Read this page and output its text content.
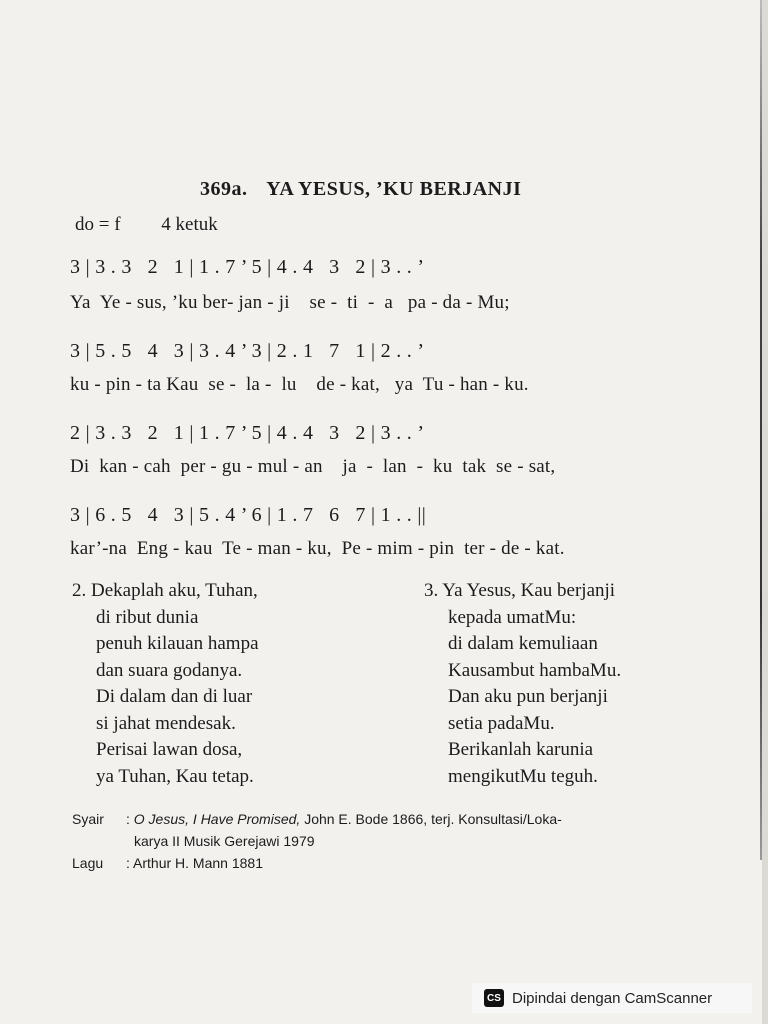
369a. YA YESUS, ’KU BERJANJI
do = f 4 ketuk
3 | 3 . 3   2   1 | 1 . 7 ’ 5 | 4 . 4   3   2 | 3 . . ’
Ya  Ye - sus, ’ku ber- jan - ji    se -  ti  -  a   pa - da - Mu;
3 | 5 . 5   4   3 | 3 . 4 ’ 3 | 2 . 1   7   1 | 2 . . ’
ku - pin - ta Kau  se -  la -  lu    de - kat,   ya  Tu - han - ku.
2 | 3 . 3   2   1 | 1 . 7 ’ 5 | 4 . 4   3   2 | 3 . . ’
Di  kan - cah  per - gu - mul - an    ja  -  lan  -  ku  tak  se - sat,
3 | 6 . 5   4   3 | 5 . 4 ’ 6 | 1 . 7   6   7 | 1 . . ||
kar’-na  Eng - kau  Te - man - ku,  Pe - mim - pin  ter - de - kat.
2. Dekaplah aku, Tuhan,
di ribut dunia
penuh kilauan hampa
dan suara godanya.
Di dalam dan di luar
si jahat mendesak.
Perisai lawan dosa,
ya Tuhan, Kau tetap.
3. Ya Yesus, Kau berjanji
kepada umatMu:
di dalam kemuliaan
Kausambut hambaMu.
Dan aku pun berjanji
setia padaMu.
Berikanlah karunia
mengikutMu teguh.
Syair : O Jesus, I Have Promised, John E. Bode 1866, terj. Konsultasi/Loka-
karya II Musik Gerejawi 1979
Lagu : Arthur H. Mann 1881
CS Dipindai dengan CamScanner
